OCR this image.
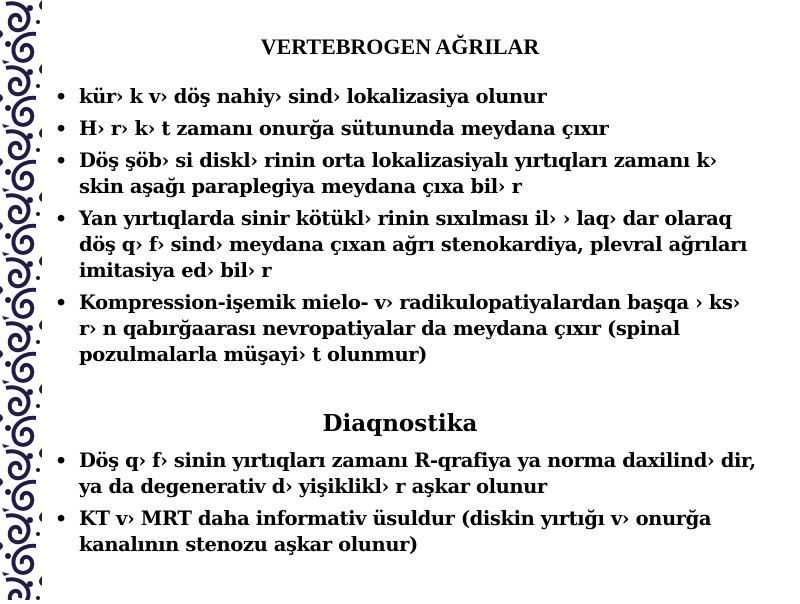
VERTEBROGEN AĞRILAR
• kür› k v› döş nahiy› sind› lokalizasiya olunur
• H› r› k› t zamanı onurğa sütununda meydana çıxır
• Döş şöb› si diskl› rinin orta lokalizasiyalı yırtıqları zamanı k› skin aşağı paraplegiya meydana çıxa bil› r
• Yan yırtıqlarda sinir kötükl› rinin sıxılması il› › laq› dar olaraq döş q› f› sind› meydana çıxan ağrı stenokardiya, plevral ağrıları imitasiya ed› bil› r
• Kompression-işemik mielo- v› radikulopatiyalardan başqa › ks› r› n qabırğaarası nevropatiyalar da meydana çıxır (spinal pozulmalarla müşayi› t olunmur)
Diaqnostika
• Döş q› f› sinin yırtıqları zamanı R-qrafiya ya norma daxilind› dir, ya da degenerativ d› yişiklikl› r aşkar olunur
• KT v› MRT daha informativ üsuldur (diskin yırtığı v› onurğa kanalının stenozu aşkar olunur)
